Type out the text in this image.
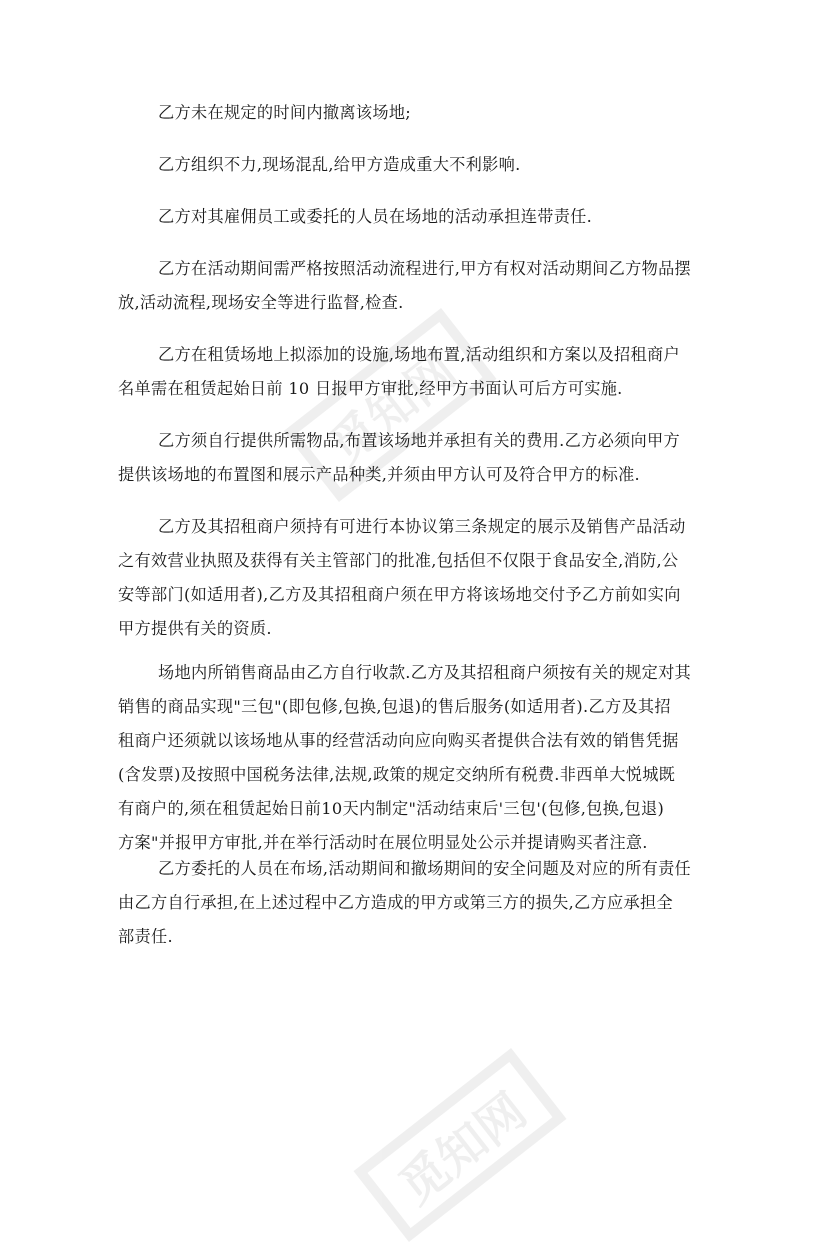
觅知网
觅知网

乙方未在规定的时间内撤离该场地;

乙方组织不力,现场混乱,给甲方造成重大不利影响.

乙方对其雇佣员工或委托的人员在场地的活动承担连带责任.

乙方在活动期间需严格按照活动流程进行,甲方有权对活动期间乙方物品摆
放,活动流程,现场安全等进行监督,检查.

乙方在租赁场地上拟添加的设施,场地布置,活动组织和方案以及招租商户
名单需在租赁起始日前 10 日报甲方审批,经甲方书面认可后方可实施.

乙方须自行提供所需物品,布置该场地并承担有关的费用.乙方必须向甲方
提供该场地的布置图和展示产品种类,并须由甲方认可及符合甲方的标准.

乙方及其招租商户须持有可进行本协议第三条规定的展示及销售产品活动
之有效营业执照及获得有关主管部门的批准,包括但不仅限于食品安全,消防,公
安等部门(如适用者),乙方及其招租商户须在甲方将该场地交付予乙方前如实向
甲方提供有关的资质.

场地内所销售商品由乙方自行收款.乙方及其招租商户须按有关的规定对其
销售的商品实现"三包"(即包修,包换,包退)的售后服务(如适用者).乙方及其招
租商户还须就以该场地从事的经营活动向应向购买者提供合法有效的销售凭据
(含发票)及按照中国税务法律,法规,政策的规定交纳所有税费.非西单大悦城既
有商户的,须在租赁起始日前10天内制定"活动结束后'三包'(包修,包换,包退)
方案"并报甲方审批,并在举行活动时在展位明显处公示并提请购买者注意.

乙方委托的人员在布场,活动期间和撤场期间的安全问题及对应的所有责任
由乙方自行承担,在上述过程中乙方造成的甲方或第三方的损失,乙方应承担全
部责任.
